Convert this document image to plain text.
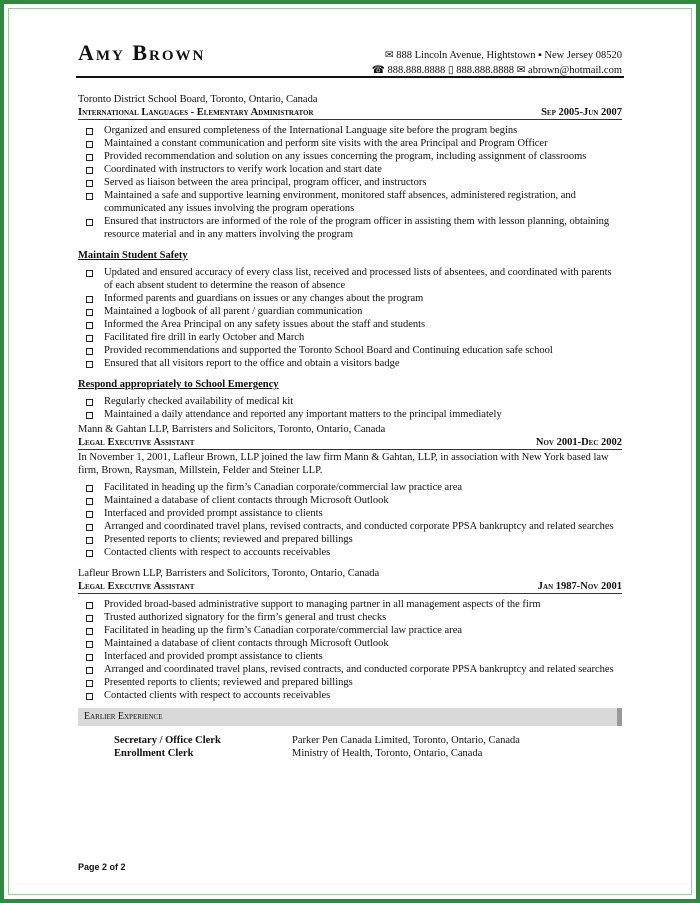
Amy Brown	✉ 888 Lincoln Avenue, Hightstown ▪ New Jersey 08520
☎ 888.888.8888 ▯ 888.888.8888 ✉ abrown@hotmail.com

Toronto District School Board, Toronto, Ontario, Canada

International Languages - Elementary Administrator	Sep 2005-Jun 2007
Organized and ensured completeness of the International Language site before the program begins
Maintained a constant communication and perform site visits with the area Principal and Program Officer
Provided recommendation and solution on any issues concerning the program, including assignment of classrooms
Coordinated with instructors to verify work location and start date
Served as liaison between the area principal, program officer, and instructors
Maintained a safe and supportive learning environment, monitored staff absences, administered registration, and communicated any issues involving the program operations
Ensured that instructors are informed of the role of the program officer in assisting them with lesson planning, obtaining resource material and in any matters involving the program
Maintain Student Safety
Updated and ensured accuracy of every class list, received and processed lists of absentees, and coordinated with parents of each absent student to determine the reason of absence
Informed parents and guardians on issues or any changes about the program
Maintained a logbook of all parent / guardian communication
Informed the Area Principal on any safety issues about the staff and students
Facilitated fire drill in early October and March
Provided recommendations and supported the Toronto School Board and Continuing education safe school
Ensured that all visitors report to the office and obtain a visitors badge
Respond appropriately to School Emergency
Regularly checked availability of medical kit
Maintained a daily attendance and reported any important matters to the principal immediately

Mann & Gahtan LLP, Barristers and Solicitors, Toronto, Ontario, Canada

Legal Executive Assistant	Nov 2001-Dec 2002

In November 1, 2001, Lafleur Brown, LLP joined the law firm Mann & Gahtan, LLP, in association with New York based law firm, Brown, Raysman, Millstein, Felder and Steiner LLP.

Facilitated in heading up the firm’s Canadian corporate/commercial law practice area
Maintained a database of client contacts through Microsoft Outlook
Interfaced and provided prompt assistance to clients
Arranged and coordinated travel plans, revised contracts, and conducted corporate PPSA bankruptcy and related searches
Presented reports to clients; reviewed and prepared billings
Contacted clients with respect to accounts receivables

Lafleur Brown LLP, Barristers and Solicitors, Toronto, Ontario, Canada

Legal Executive Assistant	Jan 1987-Nov 2001
Provided broad-based administrative support to managing partner in all management aspects of the firm
Trusted authorized signatory for the firm’s general and trust checks
Facilitated in heading up the firm’s Canadian corporate/commercial law practice area
Maintained a database of client contacts through Microsoft Outlook
Interfaced and provided prompt assistance to clients
Arranged and coordinated travel plans, revised contracts, and conducted corporate PPSA bankruptcy and related searches
Presented reports to clients; reviewed and prepared billings
Contacted clients with respect to accounts receivables
Earlier Experience
Secretary / Office Clerk	Parker Pen Canada Limited, Toronto, Ontario, Canada
Enrollment Clerk	Ministry of Health, Toronto, Ontario, Canada
Page 2 of 2
